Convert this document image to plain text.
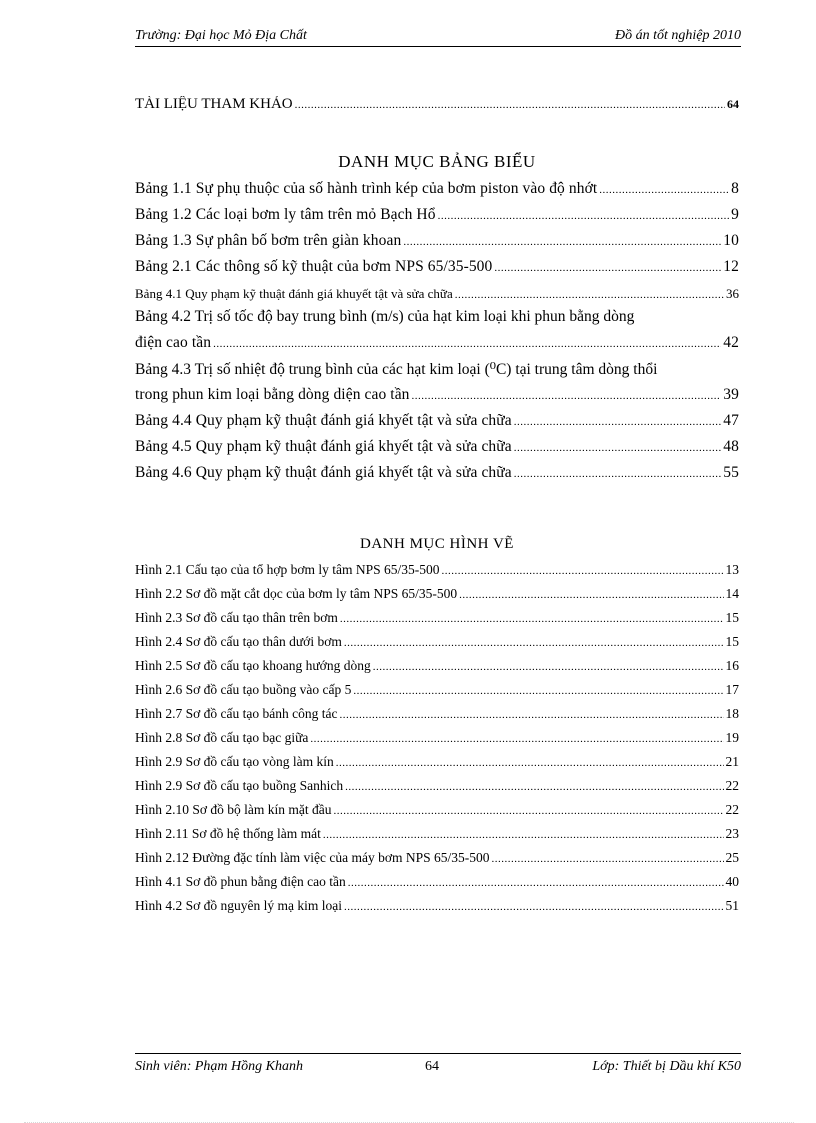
Trường: Đại học Mỏ Địa Chất	Đồ án tốt nghiệp 2010
TÀI LIỆU THAM KHẢO .....	64
DANH MỤC BẢNG BIỂU
Bảng 1.1 Sự phụ thuộc của số hành trình kép của bơm piston vào độ nhớt .....	8
Bảng 1.2 Các loại bơm ly tâm trên mỏ Bạch Hổ .....	9
Bảng 1.3 Sự phân bố bơm trên giàn khoan .....	10
Bảng 2.1 Các thông số kỹ thuật của bơm NPS 65/35-500 .....	12
Bảng 4.1 Quy phạm kỹ thuật đánh giá khuyết tật và sửa chữa .....	36
Bảng 4.2 Trị số tốc độ bay trung bình (m/s) của hạt kim loại khi phun bằng dòng
điện cao tần .....	42
Bảng 4.3 Trị số nhiệt độ trung bình của các hạt kim loại (⁰C) tại trung tâm dòng thổi
trong phun kim loại bằng dòng diện cao tần .....	39
Bảng 4.4 Quy phạm kỹ thuật đánh giá khyết tật và sửa chữa .....	47
Bảng 4.5 Quy phạm kỹ thuật đánh giá khyết tật và sửa chữa .....	48
Bảng 4.6 Quy phạm kỹ thuật đánh giá khyết tật và sửa chữa .....	55
DANH MỤC HÌNH VẼ
Hình 2.1 Cấu tạo của tổ hợp bơm ly tâm NPS 65/35-500 .....	13
Hình 2.2 Sơ đồ mặt cắt dọc của bơm ly tâm NPS 65/35-500 .....	14
Hình 2.3 Sơ đồ cấu tạo thân trên bơm .....	15
Hình 2.4 Sơ đồ cấu tạo thân dưới bơm .....	15
Hình 2.5 Sơ đồ cấu tạo khoang hướng dòng .....	16
Hình 2.6 Sơ đồ cấu tạo buồng vào cấp 5 .....	17
Hình 2.7 Sơ đồ cấu tạo bánh công tác .....	18
Hình 2.8 Sơ đồ cấu tạo bạc giữa .....	19
Hình 2.9 Sơ đồ cấu tạo vòng làm kín .....	21
Hình 2.9 Sơ đồ cấu tạo buồng Sanhich .....	22
Hình 2.10 Sơ đồ bộ làm kín mặt đầu .....	22
Hình 2.11 Sơ đồ hệ thống làm mát .....	23
Hình 2.12 Đường đặc tính làm việc của máy bơm NPS 65/35-500 .....	25
Hình 4.1 Sơ đồ phun bằng điện cao tần .....	40
Hình 4.2 Sơ đồ nguyên lý mạ kim loại .....	51
Sinh viên: Phạm Hồng Khanh	64	Lớp: Thiết bị Dầu khí K50
